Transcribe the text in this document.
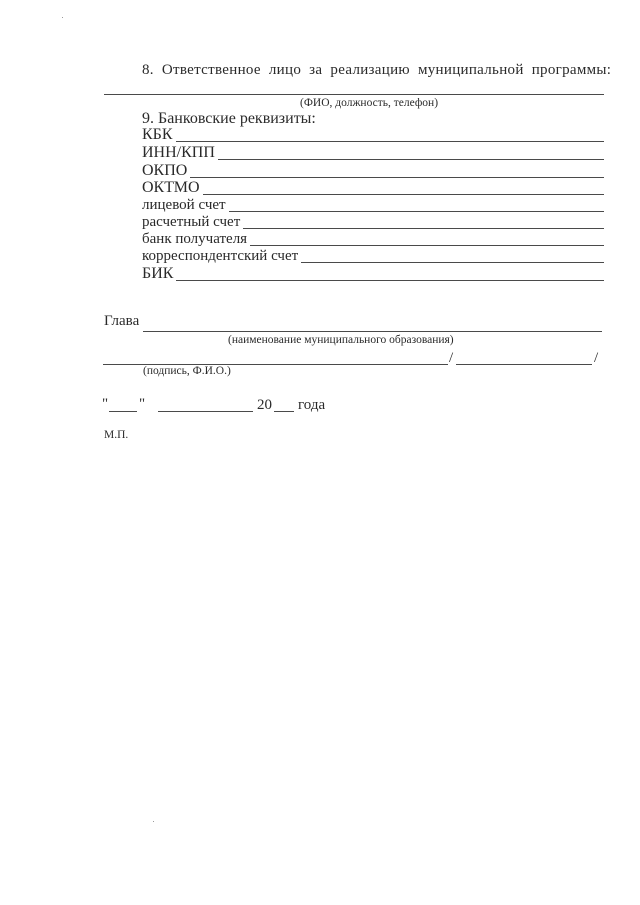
8. Ответственное лицо за реализацию муниципальной программы:
(ФИО, должность, телефон)
9. Банковские реквизиты:
КБК
ИНН/КПП
ОКПО
ОКТМО
лицевой счет
расчетный счет
банк получателя
корреспондентский счет
БИК
Глава
(наименование муниципального образования)
/	/
(подпись, Ф.И.О.)
" "	20 года
М.П.
